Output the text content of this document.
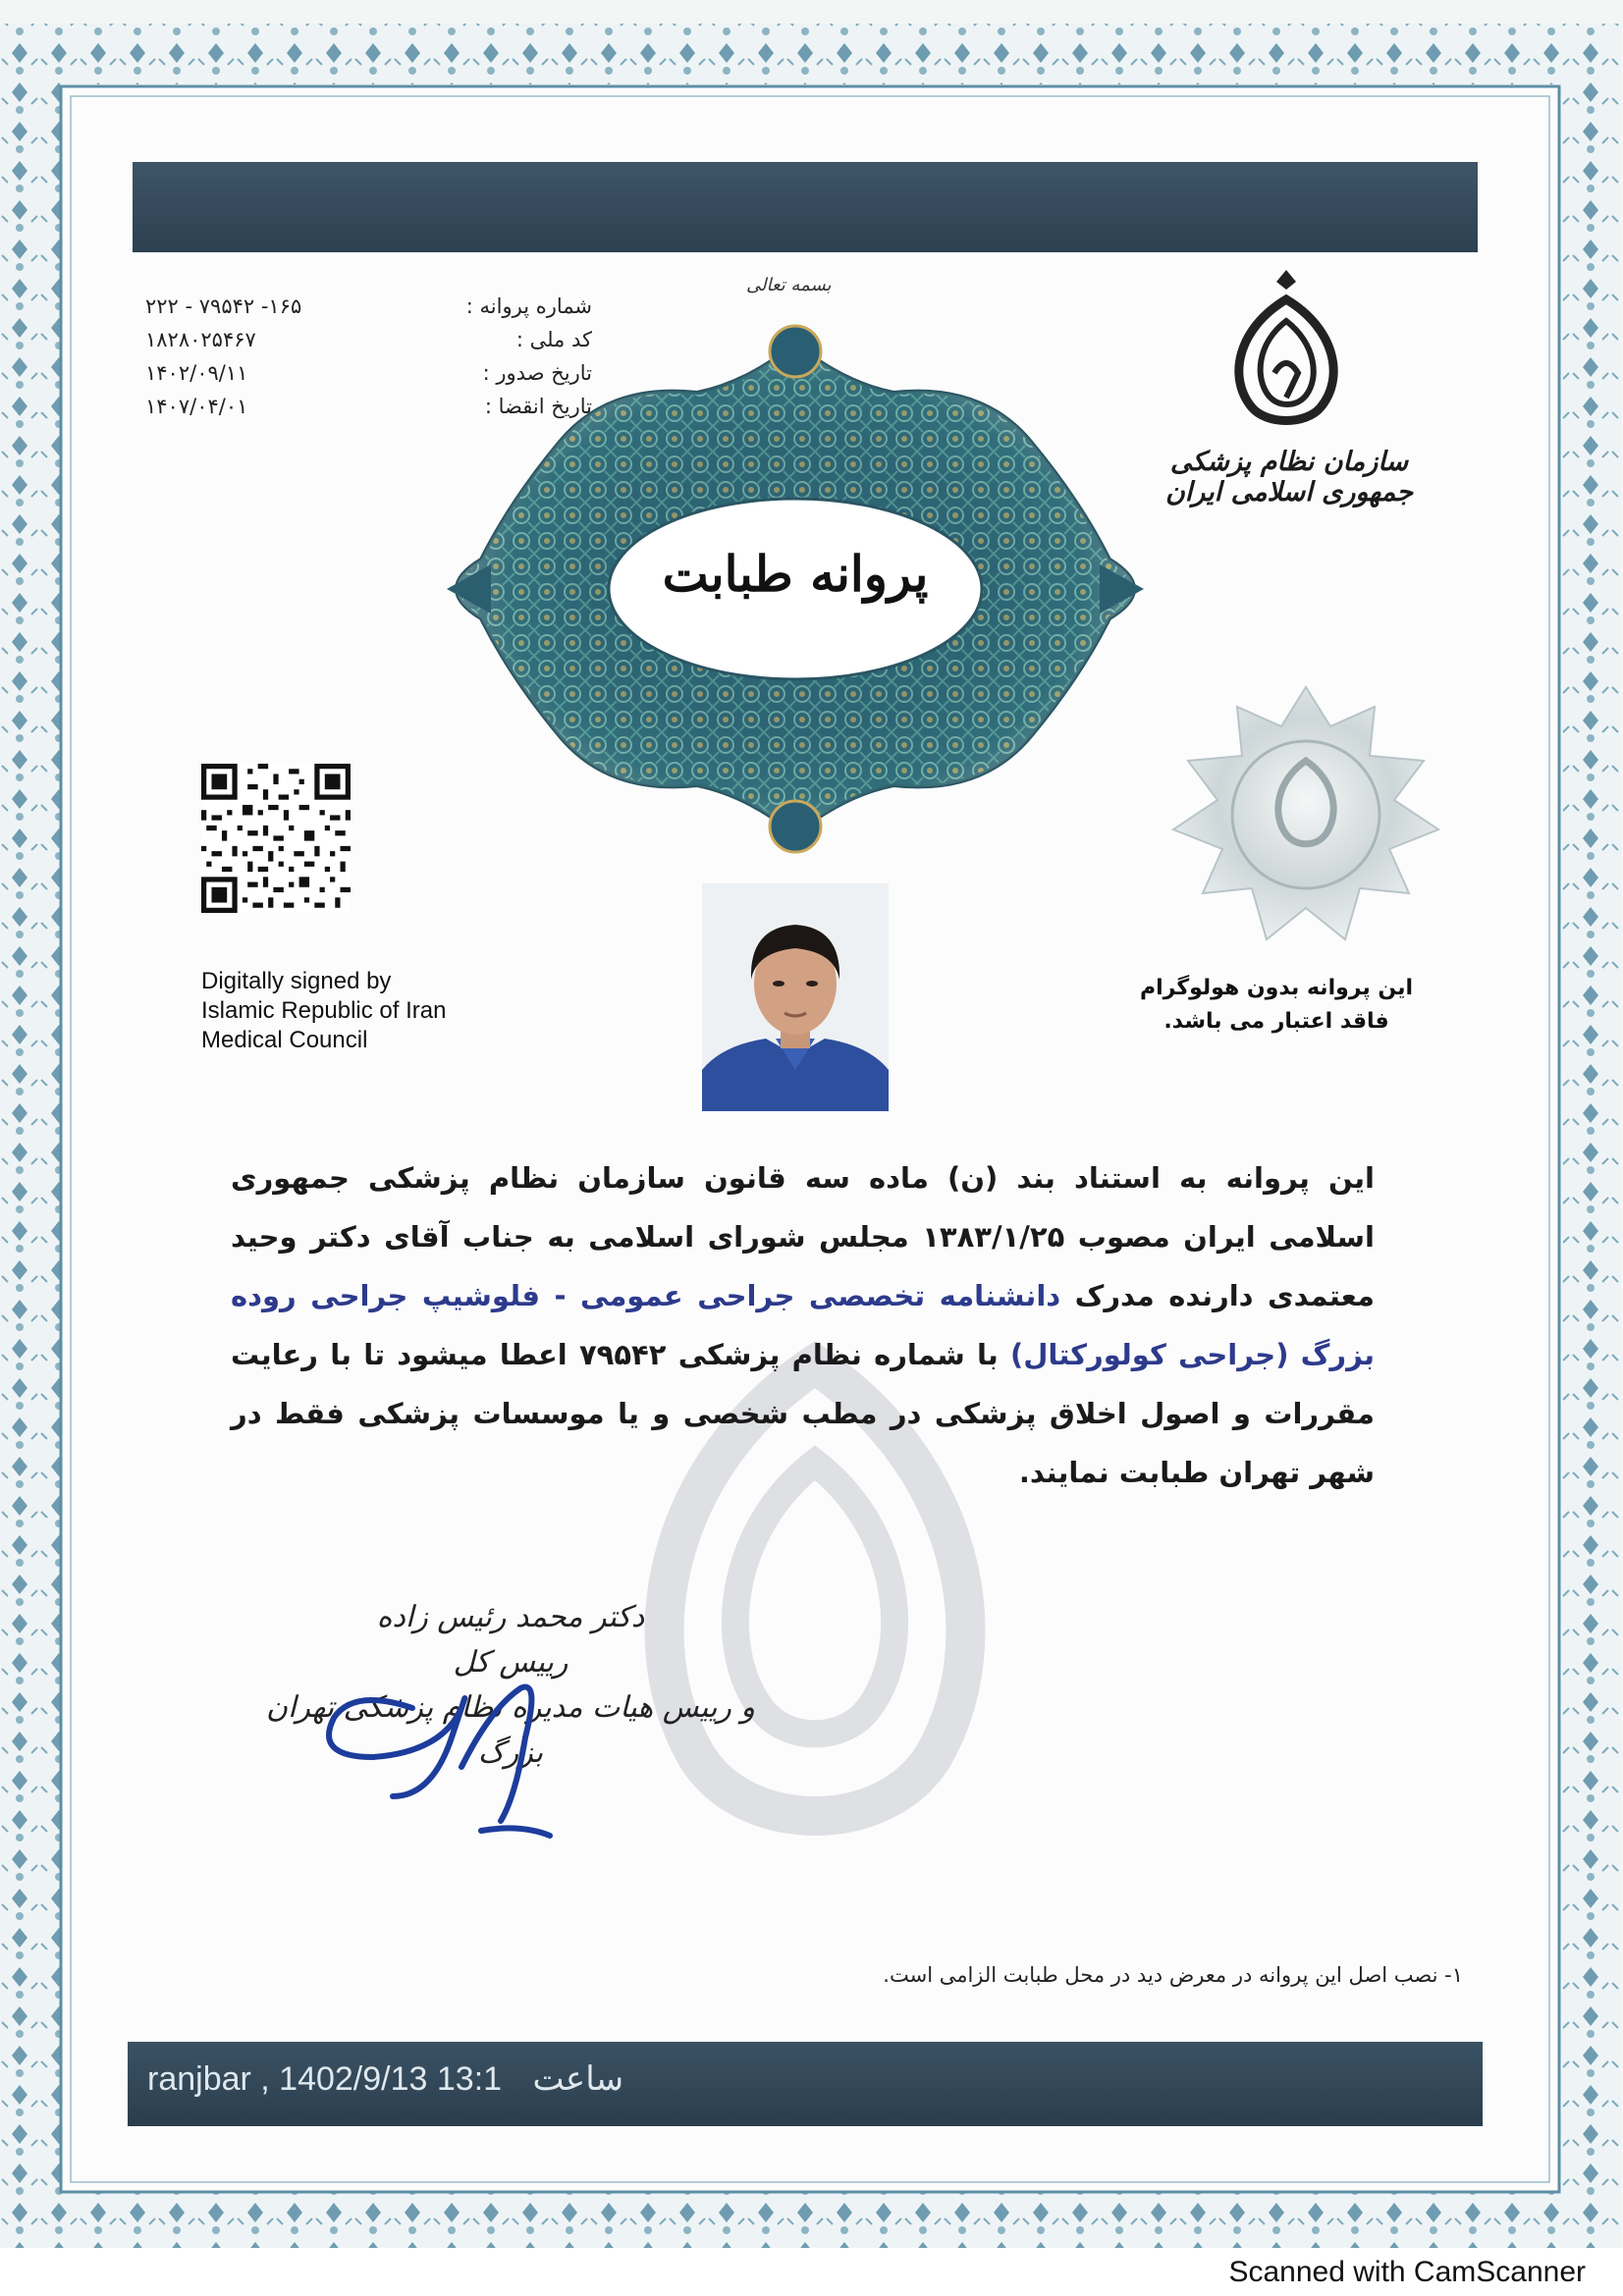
شماره پروانه :
کد ملی :
تاریخ صدور :
تاریخ انقضا :
۲۲۲ - ۷۹۵۴۲ -۱۶۵
۱۸۲۸۰۲۵۴۶۷
۱۴۰۲/۰۹/۱۱
۱۴۰۷/۰۴/۰۱
بسمه تعالی
پروانه طبابت
سازمان نظام پزشکی جمهوری اسلامی ایران
این پروانه بدون هولوگرام فاقد اعتبار می باشد.
Digitally signed by
Islamic Republic of Iran
Medical Council
این پروانه به استناد بند (ن) ماده سه قانون سازمان نظام پزشکی جمهوری اسلامی ایران مصوب ۱۳۸۳/۱/۲۵ مجلس شورای اسلامی به جناب آقای دکتر وحید معتمدی دارنده مدرک دانشنامه تخصصی جراحی عمومی - فلوشیپ جراحی روده بزرگ (جراحی کولورکتال) با شماره نظام پزشکی ۷۹۵۴۲ اعطا میشود تا با رعایت مقررات و اصول اخلاق پزشکی در مطب شخصی و یا موسسات پزشکی فقط در شهر تهران طبابت نمایند.
دکتر محمد رئیس زاده
رییس کل
و رییس هیات مدیره نظام پزشکی تهران
بزرگ
۱- نصب اصل این پروانه در معرض دید در محل طبابت الزامی است.
ranjbar , 1402/9/13 13:1 ساعت
Scanned with CamScanner
